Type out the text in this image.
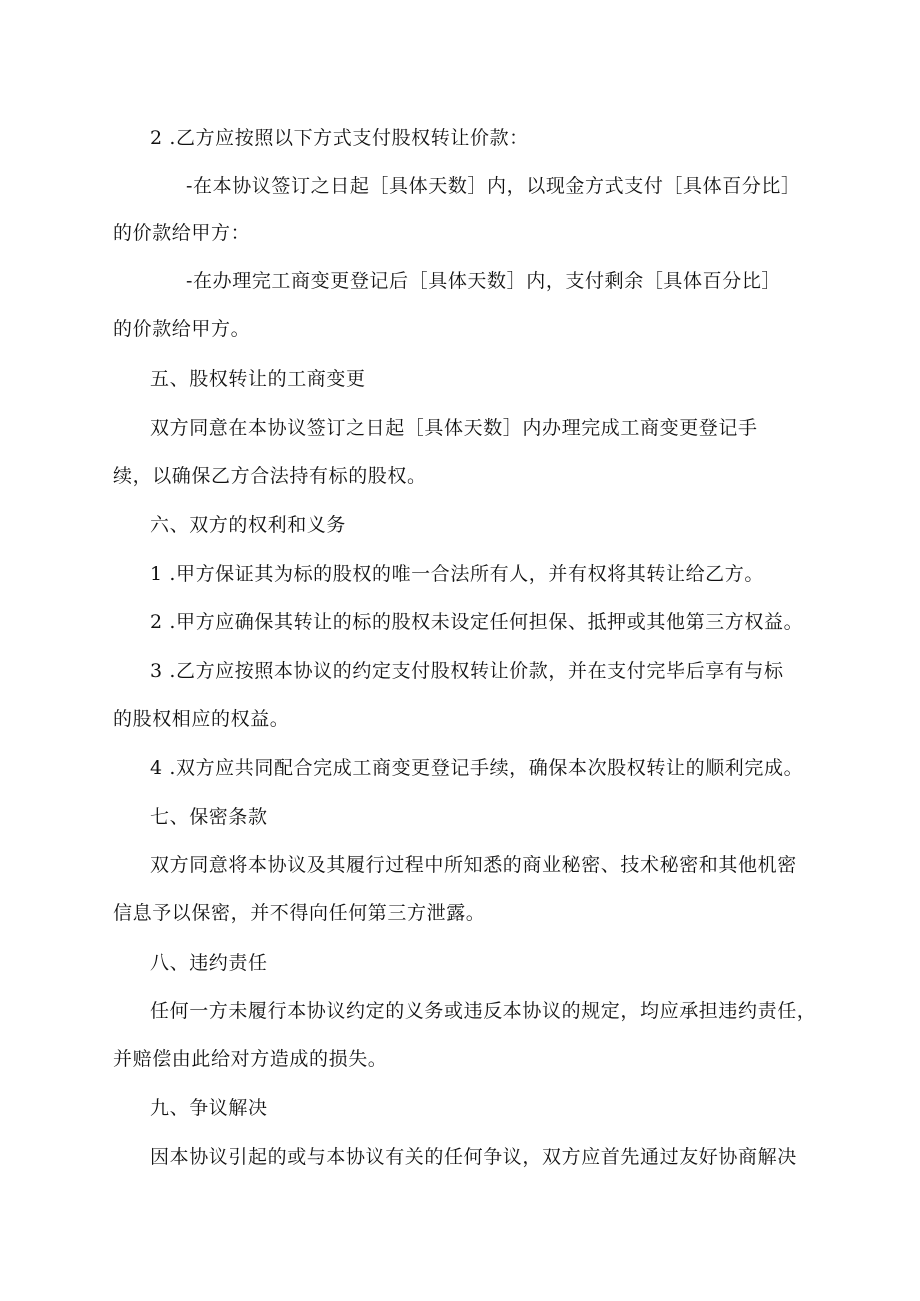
2 .乙方应按照以下方式支付股权转让价款：
-在本协议签订之日起［具体天数］内，以现金方式支付［具体百分比］
的价款给甲方：
-在办理完工商变更登记后［具体天数］内，支付剩余［具体百分比］
的价款给甲方。
五、股权转让的工商变更
双方同意在本协议签订之日起［具体天数］内办理完成工商变更登记手
续，以确保乙方合法持有标的股权。
六、双方的权利和义务
1 .甲方保证其为标的股权的唯一合法所有人，并有权将其转让给乙方。
2 .甲方应确保其转让的标的股权未设定任何担保、抵押或其他第三方权益。
3 .乙方应按照本协议的约定支付股权转让价款，并在支付完毕后享有与标
的股权相应的权益。
4 .双方应共同配合完成工商变更登记手续，确保本次股权转让的顺利完成。
七、保密条款
双方同意将本协议及其履行过程中所知悉的商业秘密、技术秘密和其他机密
信息予以保密，并不得向任何第三方泄露。
八、违约责任
任何一方未履行本协议约定的义务或违反本协议的规定，均应承担违约责任，
并赔偿由此给对方造成的损失。
九、争议解决
因本协议引起的或与本协议有关的任何争议，双方应首先通过友好协商解决
